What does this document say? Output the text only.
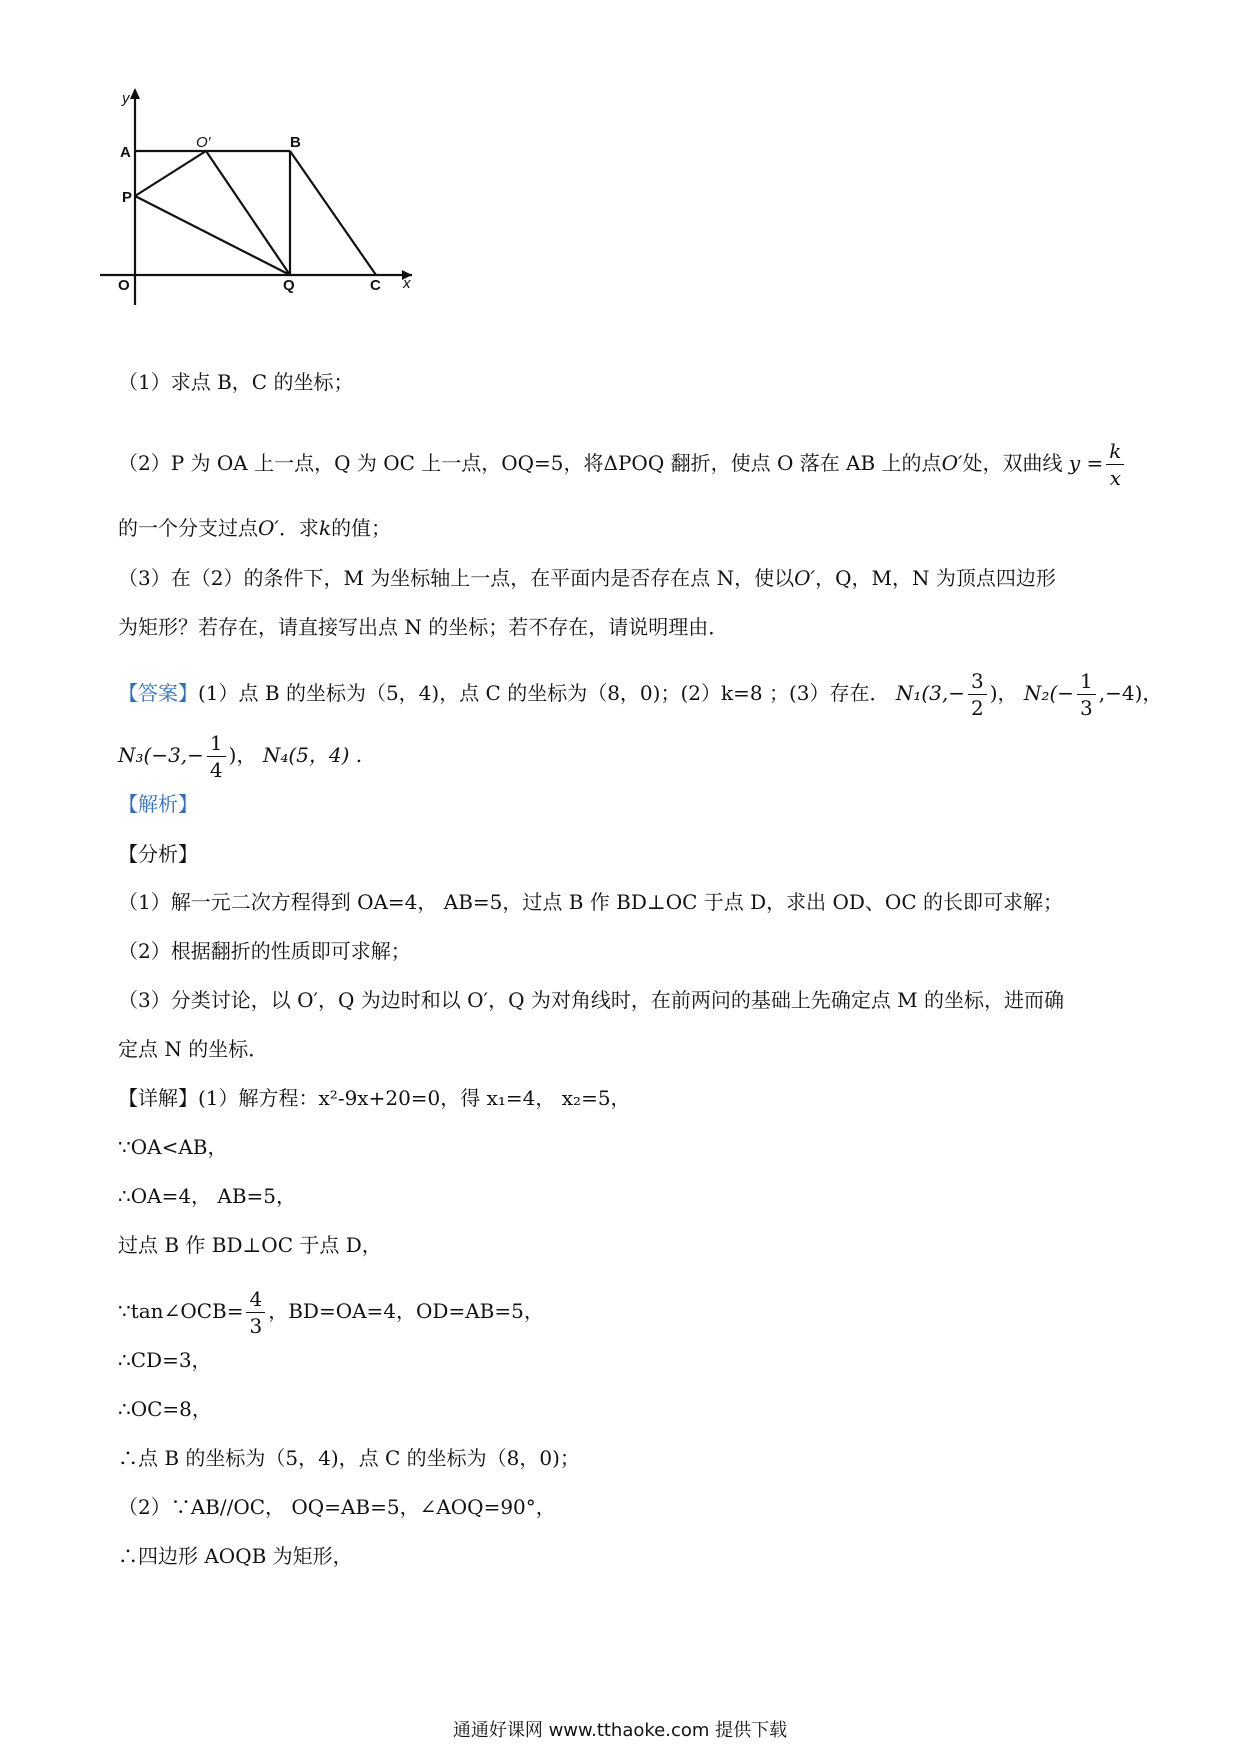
y
A
O′	B
P
O	Q	C x
（1）求点 B，C 的坐标；
（2）P 为 OA 上一点，Q 为 OC 上一点，OQ=5，将ΔPOQ 翻折，使点 O 落在 AB 上的点O′处，双曲线 $y = \frac{k}{x}$
的一个分支过点O′．求k的值；
（3）在（2）的条件下，M 为坐标轴上一点，在平面内是否存在点 N，使以O′，Q，M，N 为顶点四边形
为矩形？若存在，请直接写出点 N 的坐标；若不存在，请说明理由．
【答案】(1）点 B 的坐标为（5，4)，点 C 的坐标为（8，0)；(2）k=8 ；(3）存在． $N_1(3,- \frac{3}{2}$ )， $N_2(- \frac{1}{3} ,-4)$，
$N_3(-3,- \frac{1}{4}$ )， N₄(5，4) .
【解析】
【分析】
（1）解一元二次方程得到 OA=4， AB=5，过点 B 作 BD⊥OC 于点 D，求出 OD、OC 的长即可求解；
（2）根据翻折的性质即可求解；
（3）分类讨论，以 O′，Q 为边时和以 O′，Q 为对角线时，在前两问的基础上先确定点 M 的坐标，进而确
定点 N 的坐标．
【详解】(1）解方程：x²-9x+20=0，得 x₁=4， x₂=5，
∵OA<AB，
∴OA=4， AB=5，
过点 B 作 BD⊥OC 于点 D，
∵tan∠OCB= $\frac{4}{3}$ ，BD=OA=4，OD=AB=5，
∴CD=3，
∴OC=8，
∴点 B 的坐标为（5，4)，点 C 的坐标为（8，0)；
（2）∵AB//OC， OQ=AB=5，∠AOQ=90°，
∴四边形 AOQB 为矩形，
通通好课网 www.tthaoke.com 提供下载
